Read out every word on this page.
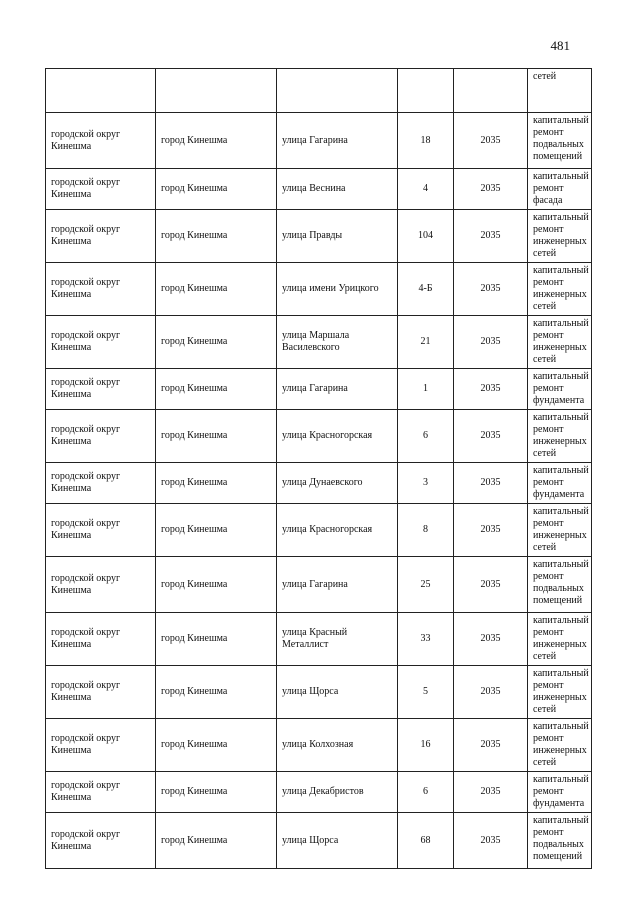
481
					сетей
городской округ Кинешма	город Кинешма	улица Гагарина	18	2035	капитальный ремонт подвальных помещений
городской округ Кинешма	город Кинешма	улица Веснина	4	2035	капитальный ремонт фасада
городской округ Кинешма	город Кинешма	улица Правды	104	2035	капитальный ремонт инженерных сетей
городской округ Кинешма	город Кинешма	улица имени Урицкого	4-Б	2035	капитальный ремонт инженерных сетей
городской округ Кинешма	город Кинешма	улица Маршала Василевского	21	2035	капитальный ремонт инженерных сетей
городской округ Кинешма	город Кинешма	улица Гагарина	1	2035	капитальный ремонт фундамента
городской округ Кинешма	город Кинешма	улица Красногорская	6	2035	капитальный ремонт инженерных сетей
городской округ Кинешма	город Кинешма	улица Дунаевского	3	2035	капитальный ремонт фундамента
городской округ Кинешма	город Кинешма	улица Красногорская	8	2035	капитальный ремонт инженерных сетей
городской округ Кинешма	город Кинешма	улица Гагарина	25	2035	капитальный ремонт подвальных помещений
городской округ Кинешма	город Кинешма	улица Красный Металлист	33	2035	капитальный ремонт инженерных сетей
городской округ Кинешма	город Кинешма	улица Щорса	5	2035	капитальный ремонт инженерных сетей
городской округ Кинешма	город Кинешма	улица Колхозная	16	2035	капитальный ремонт инженерных сетей
городской округ Кинешма	город Кинешма	улица Декабристов	6	2035	капитальный ремонт фундамента
городской округ Кинешма	город Кинешма	улица Щорса	68	2035	капитальный ремонт подвальных помещений
